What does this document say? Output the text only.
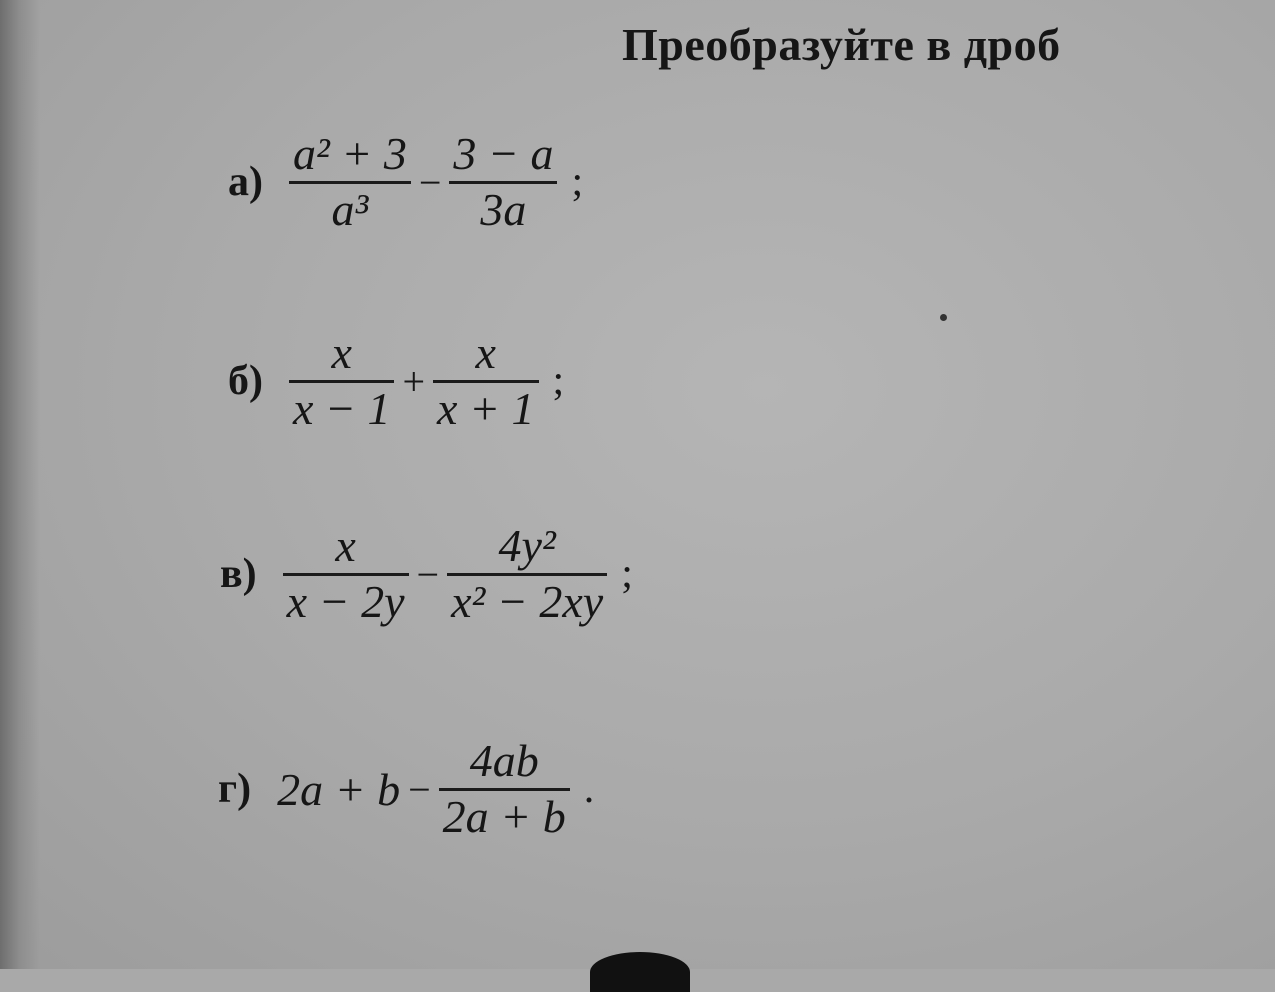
Преобразуйте в дроб
$а) \frac{\text{a² + 3}}{\text{a³}} - \frac{3 - a}{3a}$ ;
$б) \frac{x}{x - 1} + \frac{x}{x + 1}$ ;
$в) \frac{x}{x - 2y} - \frac{\text{4y²}}{\text{x² − 2xy}}$ ;
г) $2a + b - \frac{4ab}{2a + b}$ .
